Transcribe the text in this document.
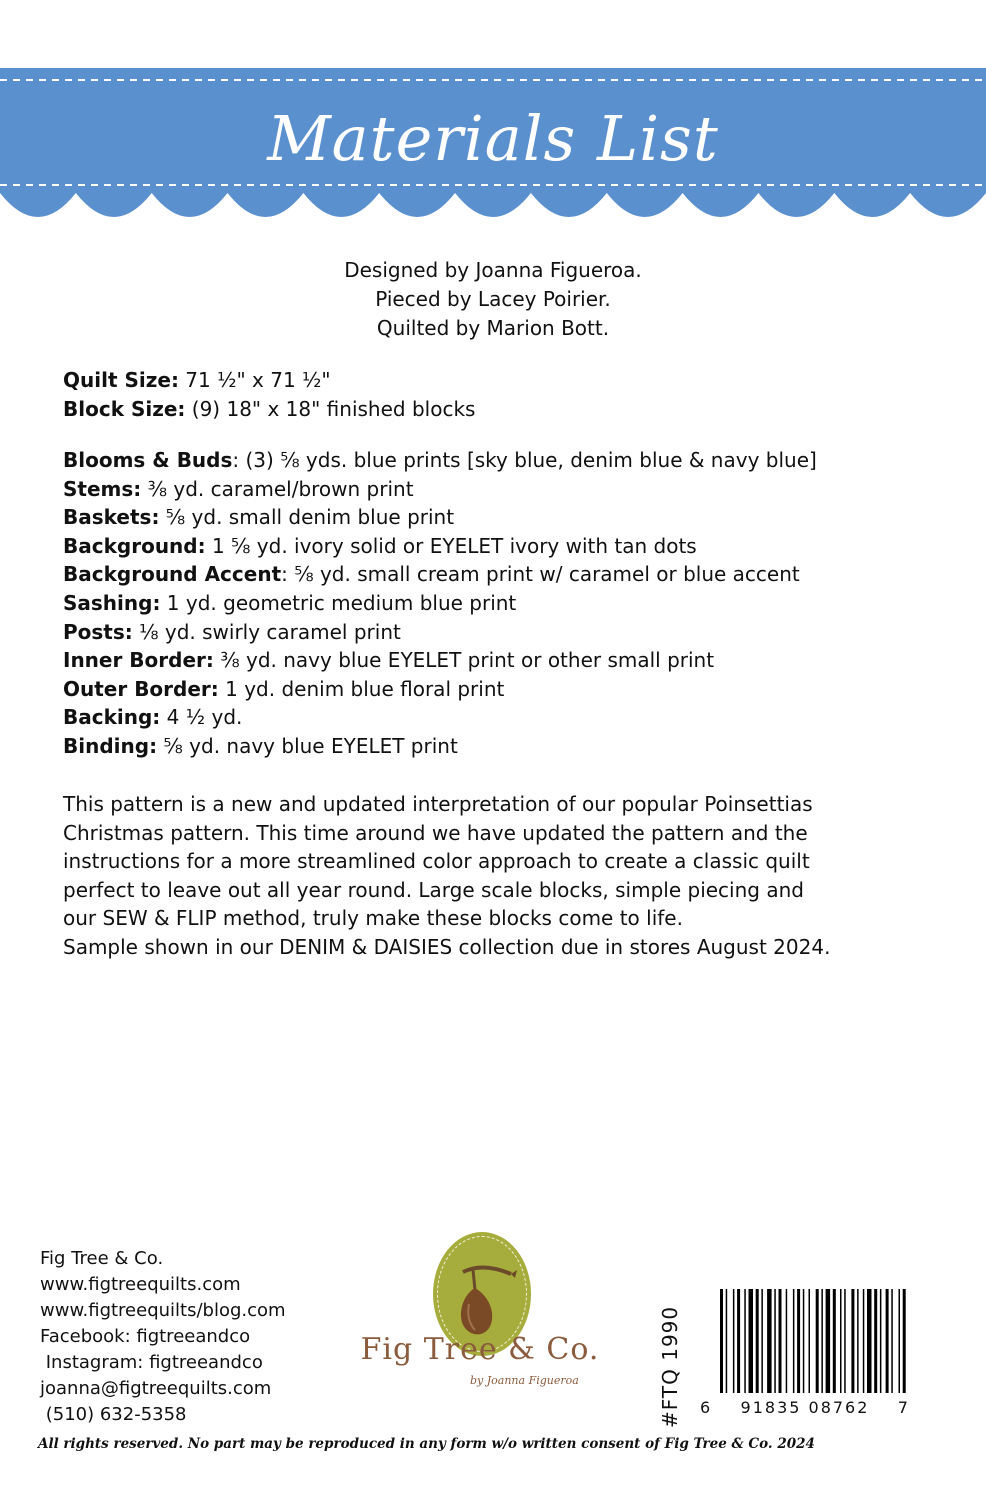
Materials List
Designed by Joanna Figueroa.
Pieced by Lacey Poirier.
Quilted by Marion Bott.
Quilt Size: 71 ½" x 71 ½"
Block Size: (9) 18" x 18" finished blocks
Blooms & Buds: (3) ⅝ yds. blue prints [sky blue, denim blue & navy blue]
Stems: ⅜ yd. caramel/brown print
Baskets: ⅝ yd. small denim blue print
Background: 1 ⅝ yd. ivory solid or EYELET ivory with tan dots
Background Accent: ⅝ yd. small cream print w/ caramel or blue accent
Sashing: 1 yd. geometric medium blue print
Posts: ⅛ yd. swirly caramel print
Inner Border: ⅜ yd. navy blue EYELET print or other small print
Outer Border: 1 yd. denim blue floral print
Backing: 4 ½ yd.
Binding: ⅝ yd. navy blue EYELET print
This pattern is a new and updated interpretation of our popular Poinsettias
Christmas pattern. This time around we have updated the pattern and the
instructions for a more streamlined color approach to create a classic quilt
perfect to leave out all year round. Large scale blocks, simple piecing and
our SEW & FLIP method, truly make these blocks come to life.
Sample shown in our DENIM & DAISIES collection due in stores August 2024.
Fig Tree & Co.
www.figtreequilts.com
www.figtreequilts/blog.com
Facebook: figtreeandco
Instagram: figtreeandco
joanna@figtreequilts.com
(510) 632-5358
Fig Tree & Co.
by Joanna Figueroa	#FTQ 1990 6    91835 08762    7
All rights reserved. No part may be reproduced in any form w/o written consent of Fig Tree & Co. 2024
